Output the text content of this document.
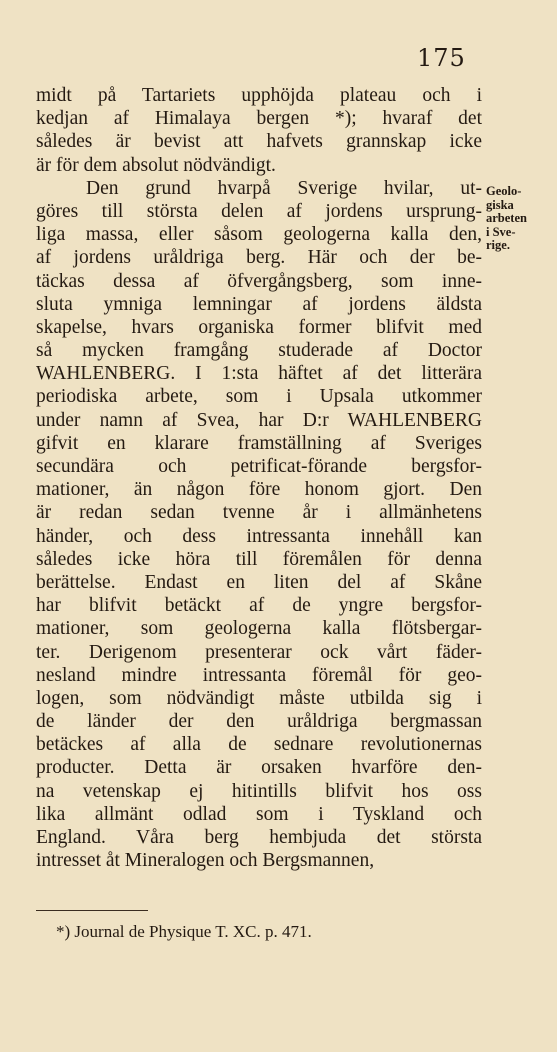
175
midt på Tartariets upphöjda plateau och i
kedjan af Himalaya bergen *); hvaraf det
således är bevist att hafvets grannskap icke
är för dem absolut nödvändigt.
Den grund hvarpå Sverige hvilar, ut-
göres till största delen af jordens ursprung-
liga massa, eller såsom geologerna kalla den,
af jordens uråldriga berg. Här och der be-
täckas dessa af öfvergångsberg, som inne-
sluta ymniga lemningar af jordens äldsta
skapelse, hvars organiska former blifvit med
så mycken framgång studerade af Doctor
WAHLENBERG. I 1:sta häftet af det litterära
periodiska arbete, som i Upsala utkommer
under namn af Svea, har D:r WAHLENBERG
gifvit en klarare framställning af Sveriges
secundära och petrificat-förande bergsfor-
mationer, än någon före honom gjort. Den
är redan sedan tvenne år i allmänhetens
händer, och dess intressanta innehåll kan
således icke höra till föremålen för denna
berättelse. Endast en liten del af Skåne
har blifvit betäckt af de yngre bergsfor-
mationer, som geologerna kalla flötsbergar-
ter. Derigenom presenterar ock vårt fäder-
nesland mindre intressanta föremål för geo-
logen, som nödvändigt måste utbilda sig i
de länder der den uråldriga bergmassan
betäckes af alla de sednare revolutionernas
producter. Detta är orsaken hvarföre den-
na vetenskap ej hitintills blifvit hos oss
lika allmänt odlad som i Tyskland och
England. Våra berg hembjuda det största
intresset åt Mineralogen och Bergsmannen,
Geolo-
giska
arbeten
i Sve-
rige.
*) Journal de Physique T. XC. p. 471.
